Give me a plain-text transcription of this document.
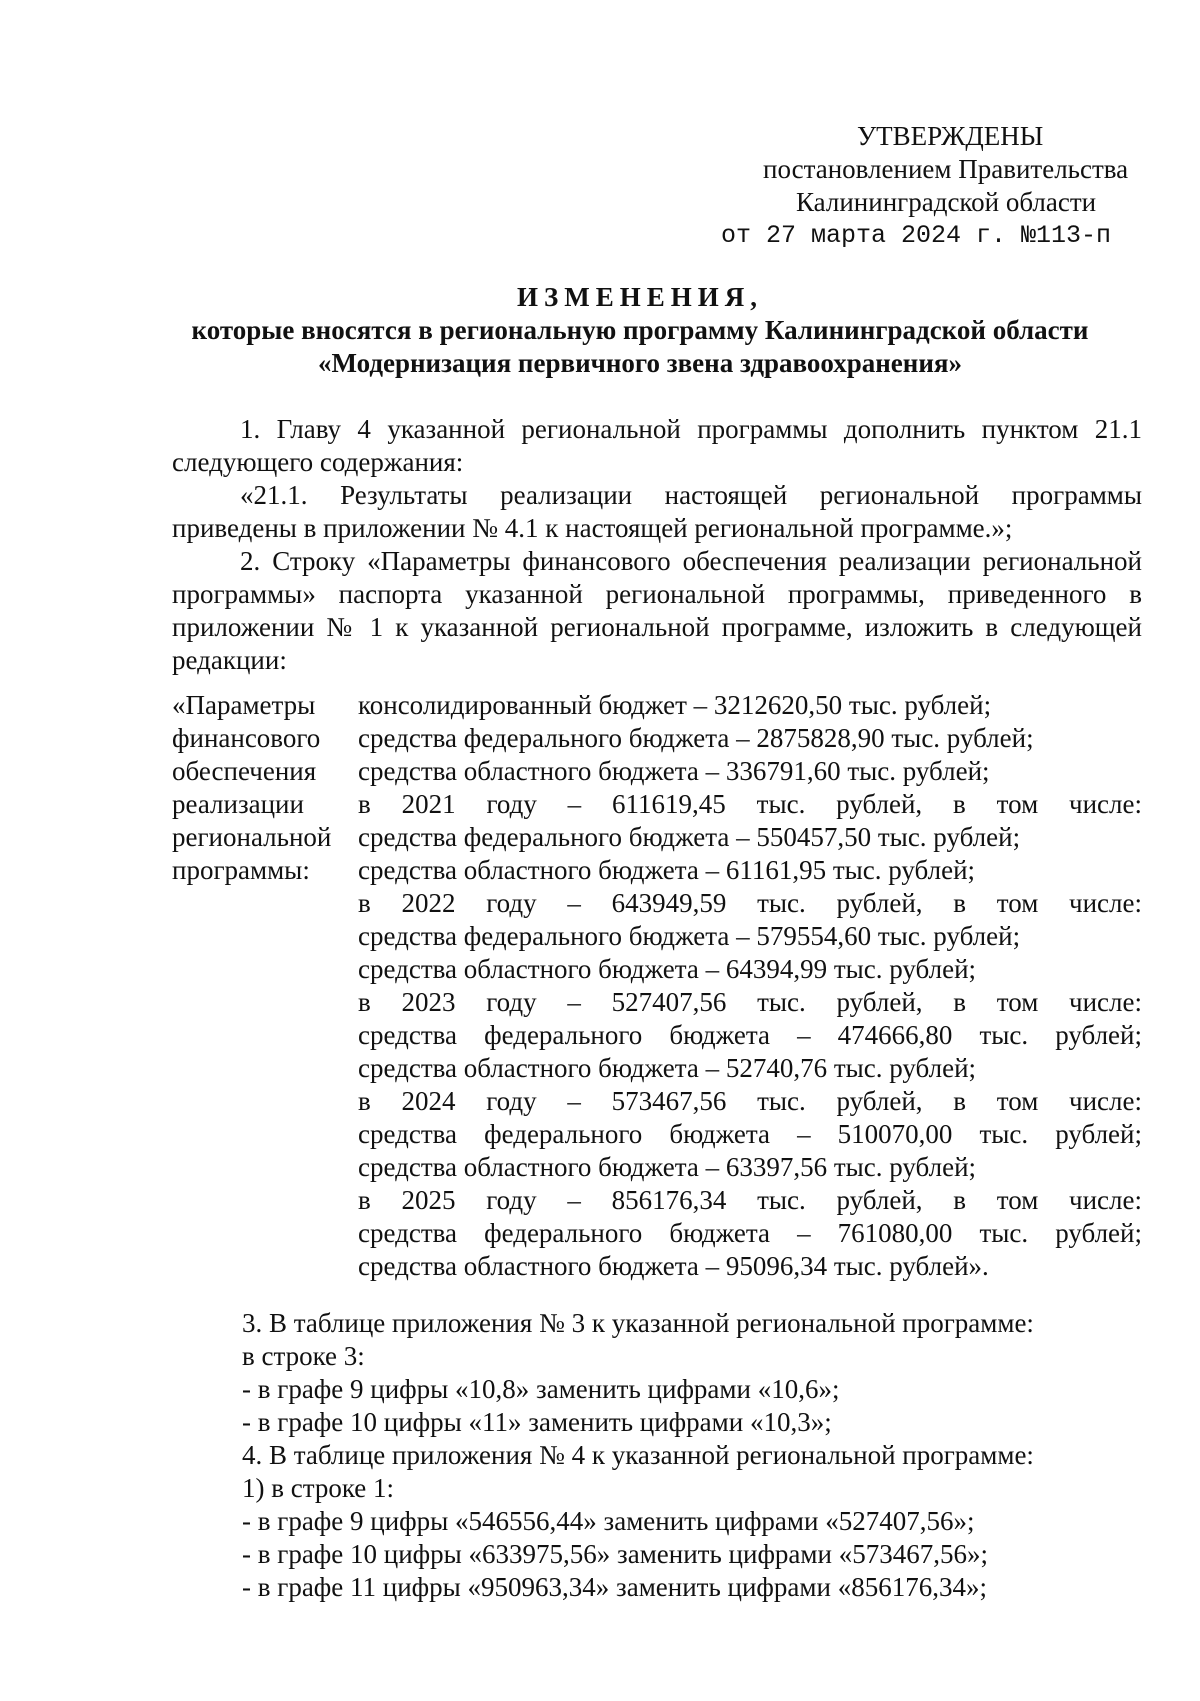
УТВЕРЖДЕНЫ
постановлением Правительства
Калининградской области
от 27 марта 2024 г. №113-п
ИЗМЕНЕНИЯ,
которые вносятся в региональную программу Калининградской области
«Модернизация первичного звена здравоохранения»
1. Главу 4 указанной региональной программы дополнить пунктом 21.1 следующего содержания:
«21.1. Результаты реализации настоящей региональной программы приведены в приложении № 4.1 к настоящей региональной программе.»;
2. Строку «Параметры финансового обеспечения реализации региональной программы» паспорта указанной региональной программы, приведенного в приложении № 1 к указанной региональной программе, изложить в следующей редакции:
«Параметры
финансового
обеспечения
реализации
региональной
программы:
консолидированный бюджет – 3212620,50 тыс. рублей;
средства федерального бюджета – 2875828,90 тыс. рублей;
средства областного бюджета – 336791,60 тыс. рублей;
в 2021 году – 611619,45 тыс. рублей, в том числе:
средства федерального бюджета – 550457,50 тыс. рублей;
средства областного бюджета – 61161,95 тыс. рублей;
в 2022 году – 643949,59 тыс. рублей, в том числе:
средства федерального бюджета – 579554,60 тыс. рублей;
средства областного бюджета – 64394,99 тыс. рублей;
в 2023 году – 527407,56 тыс. рублей, в том числе:
средства федерального бюджета – 474666,80 тыс. рублей;
средства областного бюджета – 52740,76 тыс. рублей;
в 2024 году – 573467,56 тыс. рублей, в том числе:
средства федерального бюджета – 510070,00 тыс. рублей;
средства областного бюджета – 63397,56 тыс. рублей;
в 2025 году – 856176,34 тыс. рублей, в том числе:
средства федерального бюджета – 761080,00 тыс. рублей;
средства областного бюджета – 95096,34 тыс. рублей».
3. В таблице приложения № 3 к указанной региональной программе:
в строке 3:
- в графе 9 цифры «10,8» заменить цифрами «10,6»;
- в графе 10 цифры «11» заменить цифрами «10,3»;
4. В таблице приложения № 4 к указанной региональной программе:
1) в строке 1:
- в графе 9 цифры «546556,44» заменить цифрами «527407,56»;
- в графе 10 цифры «633975,56» заменить цифрами «573467,56»;
- в графе 11 цифры «950963,34» заменить цифрами «856176,34»;
